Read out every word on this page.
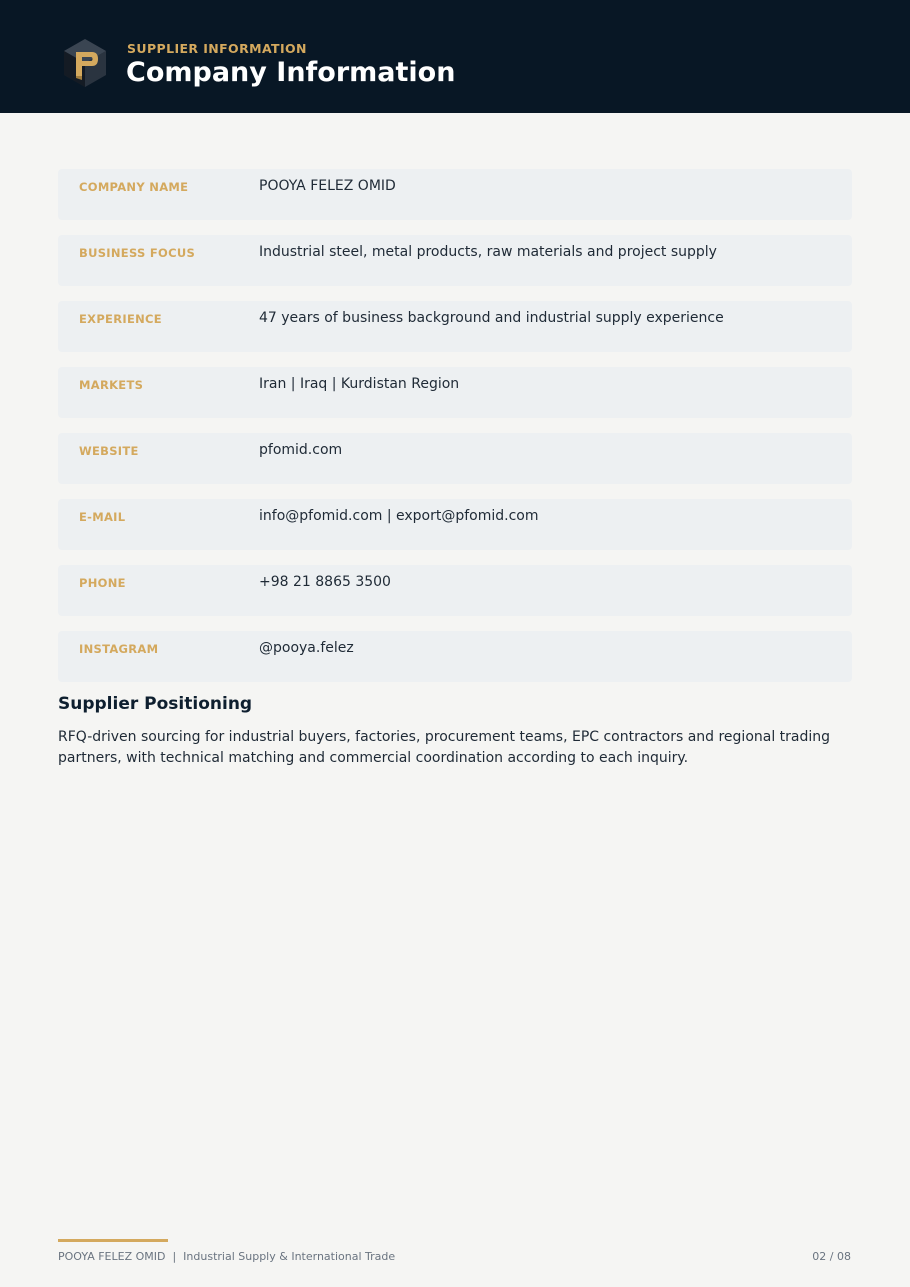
SUPPLIER INFORMATION
Company Information
COMPANY NAME	POOYA FELEZ OMID
BUSINESS FOCUS	Industrial steel, metal products, raw materials and project supply
EXPERIENCE	47 years of business background and industrial supply experience
MARKETS	Iran | Iraq | Kurdistan Region
WEBSITE	pfomid.com
E-MAIL	info@pfomid.com | export@pfomid.com
PHONE	+98 21 8865 3500
INSTAGRAM	@pooya.felez
Supplier Positioning
RFQ-driven sourcing for industrial buyers, factories, procurement teams, EPC contractors and regional trading partners, with technical matching and commercial coordination according to each inquiry.
POOYA FELEZ OMID  |  Industrial Supply & International Trade	02 / 08
